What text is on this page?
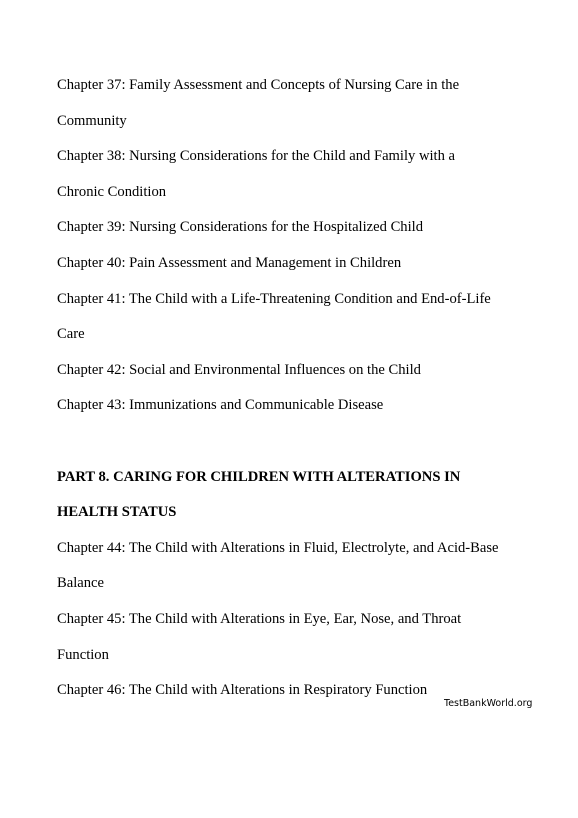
Chapter 37: Family Assessment and Concepts of Nursing Care in the
Community
Chapter 38: Nursing Considerations for the Child and Family with a
Chronic Condition
Chapter 39: Nursing Considerations for the Hospitalized Child
Chapter 40: Pain Assessment and Management in Children
Chapter 41: The Child with a Life-Threatening Condition and End-of-Life
Care
Chapter 42: Social and Environmental Influences on the Child
Chapter 43: Immunizations and Communicable Disease
PART 8. CARING FOR CHILDREN WITH ALTERATIONS IN
HEALTH STATUS
Chapter 44: The Child with Alterations in Fluid, Electrolyte, and Acid-Base
Balance
Chapter 45: The Child with Alterations in Eye, Ear, Nose, and Throat
Function
Chapter 46: The Child with Alterations in Respiratory Function
TestBankWorld.org
